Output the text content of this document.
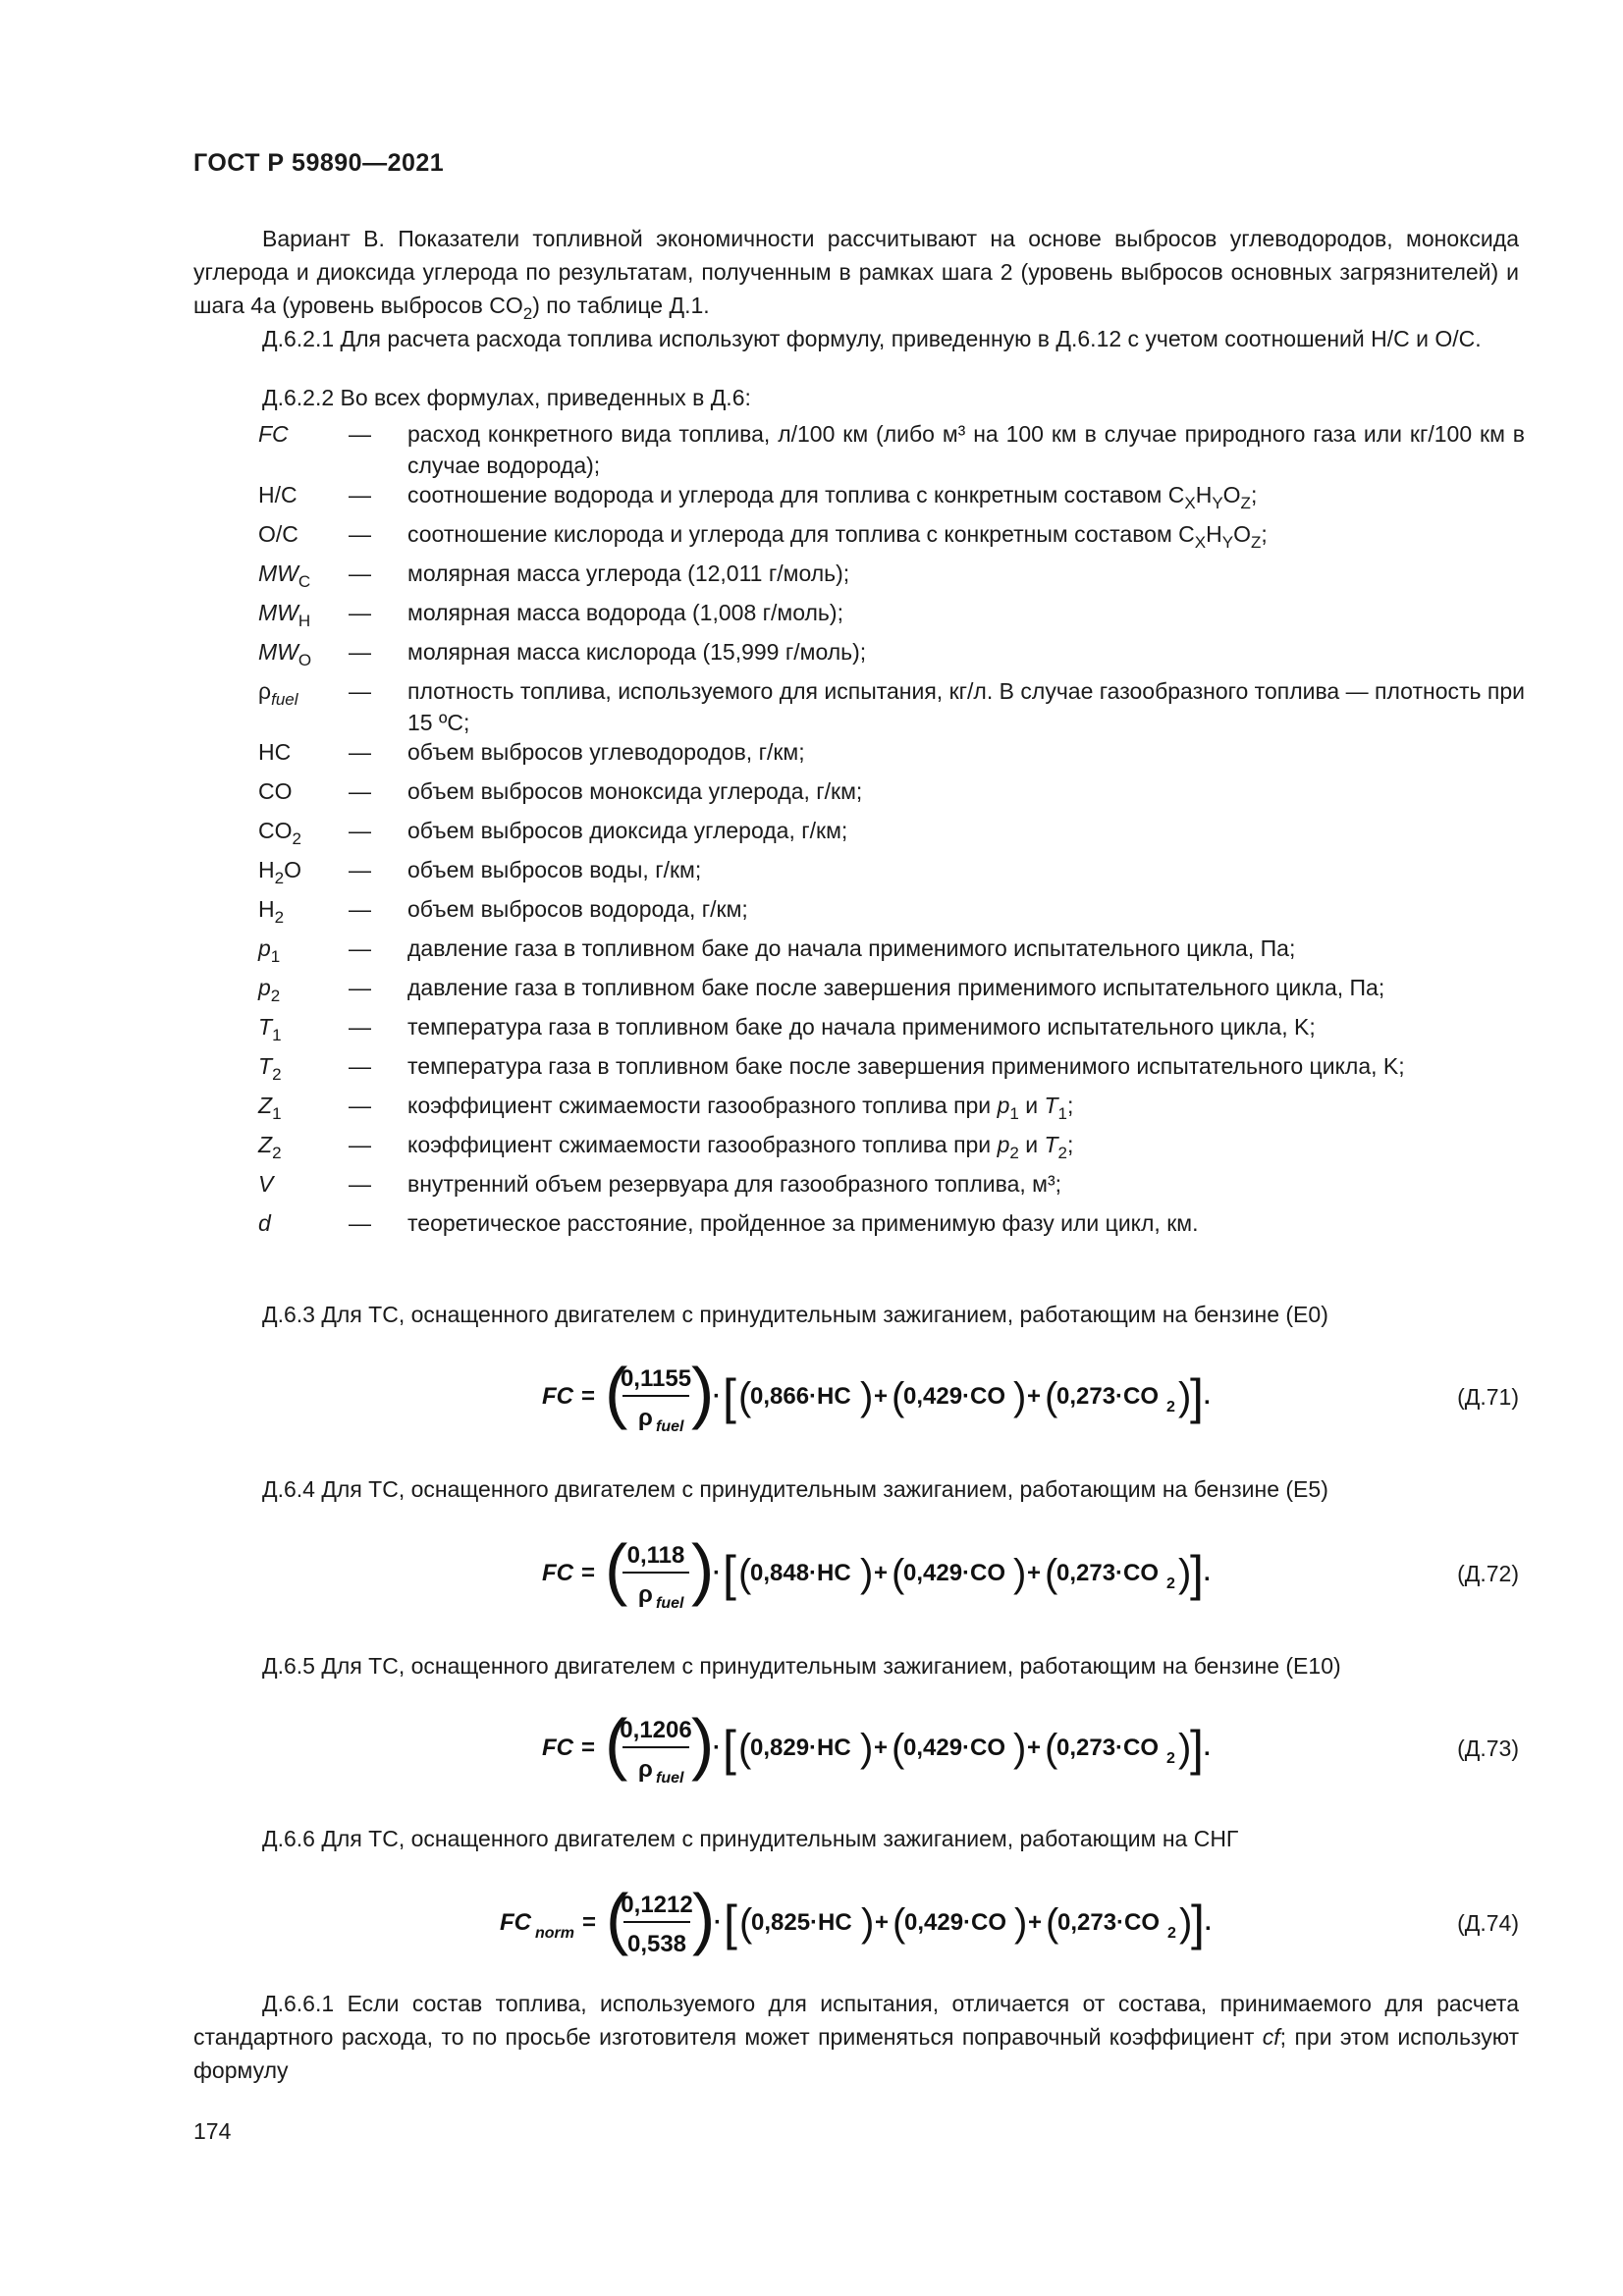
ГОСТ Р 59890—2021
Вариант В. Показатели топливной экономичности рассчитывают на основе выбросов углеводородов, моноксида углерода и диоксида углерода по результатам, полученным в рамках шага 2 (уровень выбросов основных загрязнителей) и шага 4а (уровень выбросов $CO_2$) по таблице Д.1.
Д.6.2.1 Для расчета расхода топлива используют формулу, приведенную в Д.6.12 с учетом соотношений H/C и O/C.
Д.6.2.2 Во всех формулах, приведенных в Д.6:
FC	—	расход конкретного вида топлива, л/100 км (либо м³ на 100 км в случае природного газа или кг/100 км в случае водорода);
H/C	—	соотношение водорода и углерода для топлива с конкретным составом $C_XH_YO_Z$;
O/C	—	соотношение кислорода и углерода для топлива с конкретным составом $C_XH_YO_Z$;
$MW_C$	—	молярная масса углерода (12,011 г/моль);
$MW_H$	—	молярная масса водорода (1,008 г/моль);
$MW_O$	—	молярная масса кислорода (15,999 г/моль);
$\rho_{fuel}$	—	плотность топлива, используемого для испытания, кг/л. В случае газообразного топлива — плотность при 15 ºC;
HC	—	объем выбросов углеводородов, г/км;
CO	—	объем выбросов моноксида углерода, г/км;
$CO_2$	—	объем выбросов диоксида углерода, г/км;
$H_2O$	—	объем выбросов воды, г/км;
$H_2$	—	объем выбросов водорода, г/км;
$p_1$	—	давление газа в топливном баке до начала применимого испытательного цикла, Па;
$p_2$	—	давление газа в топливном баке после завершения применимого испытательного цикла, Па;
$T_1$	—	температура газа в топливном баке до начала применимого испытательного цикла, K;
$T_2$	—	температура газа в топливном баке после завершения применимого испытательного цикла, K;
$Z_1$	—	коэффициент сжимаемости газообразного топлива при $p_1$ и $T_1$;
$Z_2$	—	коэффициент сжимаемости газообразного топлива при $p_2$ и $T_2$;
V	—	внутренний объем резервуара для газообразного топлива, м³;
d	—	теоретическое расстояние, пройденное за применимую фазу или цикл, км.
Д.6.3 Для ТС, оснащенного двигателем с принудительным зажиганием, работающим на бензине (E0)
FC = (
0,1155
ρ fuel )
· [ (
0,866·HC ) + (
0,429·CO ) + (
0,273·CO 2 )
] .	(Д.71)
Д.6.4 Для ТС, оснащенного двигателем с принудительным зажиганием, работающим на бензине (E5)
FC = ( 0,118
ρ fuel )
· [ (
0,848·HC ) + (
0,429·CO ) + (
0,273·CO 2 )
] .	(Д.72)
Д.6.5 Для ТС, оснащенного двигателем с принудительным зажиганием, работающим на бензине (E10)
FC = (
0,1206
ρ fuel )
· [ (
0,829·HC ) + (
0,429·CO ) + (
0,273·CO 2 )
] .	(Д.73)
Д.6.6 Для ТС, оснащенного двигателем с принудительным зажиганием, работающим на СНГ
FC norm = (
0,1212
0,538 )
· [ (
0,825·HC ) + (
0,429·CO ) + (
0,273·CO 2 )
] .	(Д.74)
Д.6.6.1 Если состав топлива, используемого для испытания, отличается от состава, принимаемого для расчета стандартного расхода, то по просьбе изготовителя может применяться поправочный коэффициент cf; при этом используют формулу
174
